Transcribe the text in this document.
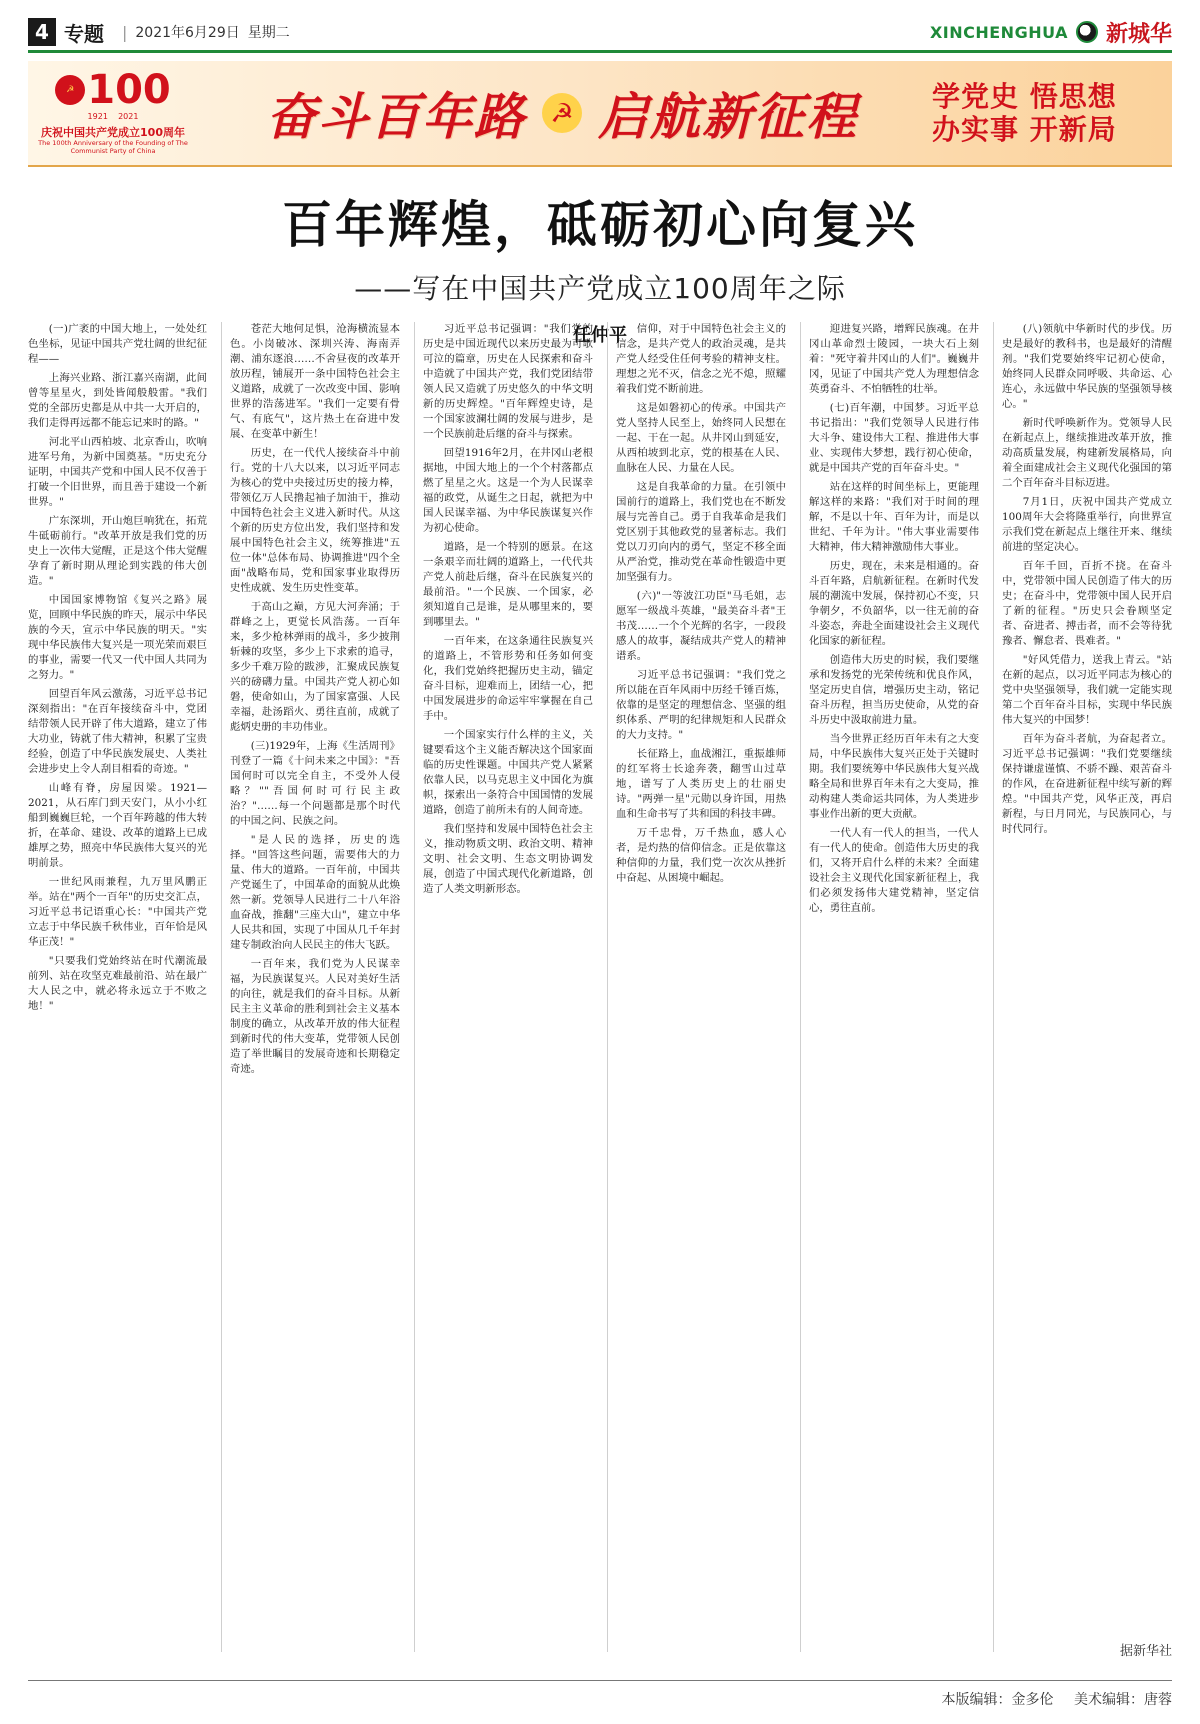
4 专题 | 2021年6月29日 星期二	XINCHENGHUA 新城华
☭ 100
1921 2021
庆祝中国共产党成立100周年
The 100th Anniversary of the Founding of The Communist Party of China
奋斗百年路 ☭ 启航新征程	学党史 悟思想
办实事 开新局
百年辉煌，砥砺初心向复兴
——写在中国共产党成立100周年之际
任仲平

(一)广袤的中国大地上，一处处红色坐标，见证中国共产党壮阔的世纪征程——

上海兴业路、浙江嘉兴南湖，此间曾等星星火，到处皆闻般般雷。"我们党的全部历史都是从中共一大开启的，我们走得再远都不能忘记来时的路。"

河北平山西柏坡、北京香山，吹响进军号角，为新中国奠基。"历史充分证明，中国共产党和中国人民不仅善于打破一个旧世界，而且善于建设一个新世界。"

广东深圳，开山炮巨响犹在，拓荒牛砥砺前行。"改革开放是我们党的历史上一次伟大觉醒，正是这个伟大觉醒孕育了新时期从理论到实践的伟大创造。"

中国国家博物馆《复兴之路》展览，回顾中华民族的昨天，展示中华民族的今天，宣示中华民族的明天。"实现中华民族伟大复兴是一项光荣而艰巨的事业，需要一代又一代中国人共同为之努力。"

回望百年风云激荡，习近平总书记深刻指出："在百年接续奋斗中，党团结带领人民开辟了伟大道路，建立了伟大功业，铸就了伟大精神，积累了宝贵经验，创造了中华民族发展史、人类社会进步史上令人刮目相看的奇迹。"

山峰有脊，房屋因梁。1921—2021，从石库门到天安门，从小小红船到巍巍巨轮，一个百年跨越的伟大转折，在革命、建设、改革的道路上已成雄厚之势，照亮中华民族伟大复兴的光明前景。

一世纪风雨兼程，九万里风鹏正举。站在"两个一百年"的历史交汇点，习近平总书记语重心长："中国共产党立志于中华民族千秋伟业，百年恰是风华正茂！"

"只要我们党始终站在时代潮流最前列、站在攻坚克难最前沿、站在最广大人民之中，就必将永远立于不败之地！"

苍茫大地何足惧，沧海横流显本色。小岗破冰、深圳兴涛、海南弄潮、浦东逐浪……不舍昼夜的改革开放历程，铺展开一条中国特色社会主义道路，成就了一次改变中国、影响世界的浩荡进军。"我们一定要有骨气、有底气"，这片热土在奋进中发展、在变革中新生！

历史，在一代代人接续奋斗中前行。党的十八大以来，以习近平同志为核心的党中央接过历史的接力棒，带领亿万人民撸起袖子加油干，推动中国特色社会主义进入新时代。从这个新的历史方位出发，我们坚持和发展中国特色社会主义，统筹推进"五位一体"总体布局、协调推进"四个全面"战略布局，党和国家事业取得历史性成就、发生历史性变革。

于高山之巅，方见大河奔涌；于群峰之上，更觉长风浩荡。一百年来，多少枪林弹雨的战斗，多少披荆斩棘的攻坚，多少上下求索的追寻，多少千难万险的跋涉，汇聚成民族复兴的磅礴力量。中国共产党人初心如磐，使命如山，为了国家富强、人民幸福，赴汤蹈火、勇往直前，成就了彪炳史册的丰功伟业。

(三)1929年，上海《生活周刊》刊登了一篇《十问未来之中国》："吾国何时可以完全自主，不受外人侵略？""吾国何时可行民主政治？"……每一个问题都是那个时代的中国之问、民族之问。

"是人民的选择，历史的选择。"回答这些问题，需要伟大的力量、伟大的道路。一百年前，中国共产党诞生了，中国革命的面貌从此焕然一新。党领导人民进行二十八年浴血奋战，推翻"三座大山"，建立中华人民共和国，实现了中国从几千年封建专制政治向人民民主的伟大飞跃。

一百年来，我们党为人民谋幸福，为民族谋复兴。人民对美好生活的向往，就是我们的奋斗目标。从新民主主义革命的胜利到社会主义基本制度的确立，从改革开放的伟大征程到新时代的伟大变革，党带领人民创造了举世瞩目的发展奇迹和长期稳定奇迹。

习近平总书记强调："我们党的历史是中国近现代以来历史最为可歌可泣的篇章，历史在人民探索和奋斗中造就了中国共产党，我们党团结带领人民又造就了历史悠久的中华文明新的历史辉煌。"百年辉煌史诗，是一个国家波澜壮阔的发展与进步，是一个民族前赴后继的奋斗与探索。

回望1916年2月，在井冈山老根据地，中国大地上的一个个村落都点燃了星星之火。这是一个为人民谋幸福的政党，从诞生之日起，就把为中国人民谋幸福、为中华民族谋复兴作为初心使命。

道路，是一个特别的愿景。在这一条艰辛而壮阔的道路上，一代代共产党人前赴后继，奋斗在民族复兴的最前沿。"一个民族、一个国家，必须知道自己是谁，是从哪里来的，要到哪里去。"

一百年来，在这条通往民族复兴的道路上，不管形势和任务如何变化，我们党始终把握历史主动，锚定奋斗目标，迎难而上，团结一心，把中国发展进步的命运牢牢掌握在自己手中。

一个国家实行什么样的主义，关键要看这个主义能否解决这个国家面临的历史性课题。中国共产党人紧紧依靠人民，以马克思主义中国化为旗帜，探索出一条符合中国国情的发展道路，创造了前所未有的人间奇迹。

我们坚持和发展中国特色社会主义，推动物质文明、政治文明、精神文明、社会文明、生态文明协调发展，创造了中国式现代化新道路，创造了人类文明新形态。

信仰，对于中国特色社会主义的信念，是共产党人的政治灵魂，是共产党人经受住任何考验的精神支柱。理想之光不灭，信念之光不熄，照耀着我们党不断前进。

这是如磐初心的传承。中国共产党人坚持人民至上，始终同人民想在一起、干在一起。从井冈山到延安，从西柏坡到北京，党的根基在人民、血脉在人民、力量在人民。

这是自我革命的力量。在引领中国前行的道路上，我们党也在不断发展与完善自己。勇于自我革命是我们党区别于其他政党的显著标志。我们党以刀刃向内的勇气，坚定不移全面从严治党，推动党在革命性锻造中更加坚强有力。

(六)"一等波江功臣"马毛姐，志愿军一级战斗英雄，"最美奋斗者"王书茂……一个个光辉的名字，一段段感人的故事，凝结成共产党人的精神谱系。

习近平总书记强调："我们党之所以能在百年风雨中历经千锤百炼，依靠的是坚定的理想信念、坚强的组织体系、严明的纪律规矩和人民群众的大力支持。"

长征路上，血战湘江，重振雄师的红军将士长途奔袭，翻雪山过草地，谱写了人类历史上的壮丽史诗。"两弹一星"元勋以身许国，用热血和生命书写了共和国的科技丰碑。

万千忠骨，万千热血，感人心者，是灼热的信仰信念。正是依靠这种信仰的力量，我们党一次次从挫折中奋起、从困境中崛起。

迎进复兴路，增辉民族魂。在井冈山革命烈士陵园，一块大石上刻着："死守着井冈山的人们"。巍巍井冈，见证了中国共产党人为理想信念英勇奋斗、不怕牺牲的壮举。

(七)百年潮，中国梦。习近平总书记指出："我们党领导人民进行伟大斗争、建设伟大工程、推进伟大事业、实现伟大梦想，践行初心使命，就是中国共产党的百年奋斗史。"

站在这样的时间坐标上，更能理解这样的来路："我们对于时间的理解，不是以十年、百年为计，而是以世纪、千年为计。"伟大事业需要伟大精神，伟大精神激励伟大事业。

历史，现在，未来是相通的。奋斗百年路，启航新征程。在新时代发展的潮流中发展，保持初心不变，只争朝夕，不负韶华，以一往无前的奋斗姿态，奔赴全面建设社会主义现代化国家的新征程。

创造伟大历史的时候，我们要继承和发扬党的光荣传统和优良作风，坚定历史自信，增强历史主动，铭记奋斗历程，担当历史使命，从党的奋斗历史中汲取前进力量。

当今世界正经历百年未有之大变局，中华民族伟大复兴正处于关键时期。我们要统筹中华民族伟大复兴战略全局和世界百年未有之大变局，推动构建人类命运共同体，为人类进步事业作出新的更大贡献。

一代人有一代人的担当，一代人有一代人的使命。创造伟大历史的我们，又将开启什么样的未来？全面建设社会主义现代化国家新征程上，我们必须发扬伟大建党精神，坚定信心，勇往直前。

(八)领航中华新时代的步伐。历史是最好的教科书，也是最好的清醒剂。"我们党要始终牢记初心使命，始终同人民群众同呼吸、共命运、心连心，永远做中华民族的坚强领导核心。"

新时代呼唤新作为。党领导人民在新起点上，继续推进改革开放，推动高质量发展，构建新发展格局，向着全面建成社会主义现代化强国的第二个百年奋斗目标迈进。

7月1日，庆祝中国共产党成立100周年大会将隆重举行，向世界宣示我们党在新起点上继往开来、继续前进的坚定决心。

百年千回，百折不挠。在奋斗中，党带领中国人民创造了伟大的历史；在奋斗中，党带领中国人民开启了新的征程。"历史只会眷顾坚定者、奋进者、搏击者，而不会等待犹豫者、懈怠者、畏难者。"

"好风凭借力，送我上青云。"站在新的起点，以习近平同志为核心的党中央坚强领导，我们就一定能实现第二个百年奋斗目标，实现中华民族伟大复兴的中国梦！

百年为奋斗者航，为奋起者立。习近平总书记强调："我们党要继续保持谦虚谨慎、不骄不躁、艰苦奋斗的作风，在奋进新征程中续写新的辉煌。"中国共产党，风华正茂，再启新程，与日月同光，与民族同心，与时代同行。

据新华社
本版编辑：金多伦 美术编辑：唐蓉
